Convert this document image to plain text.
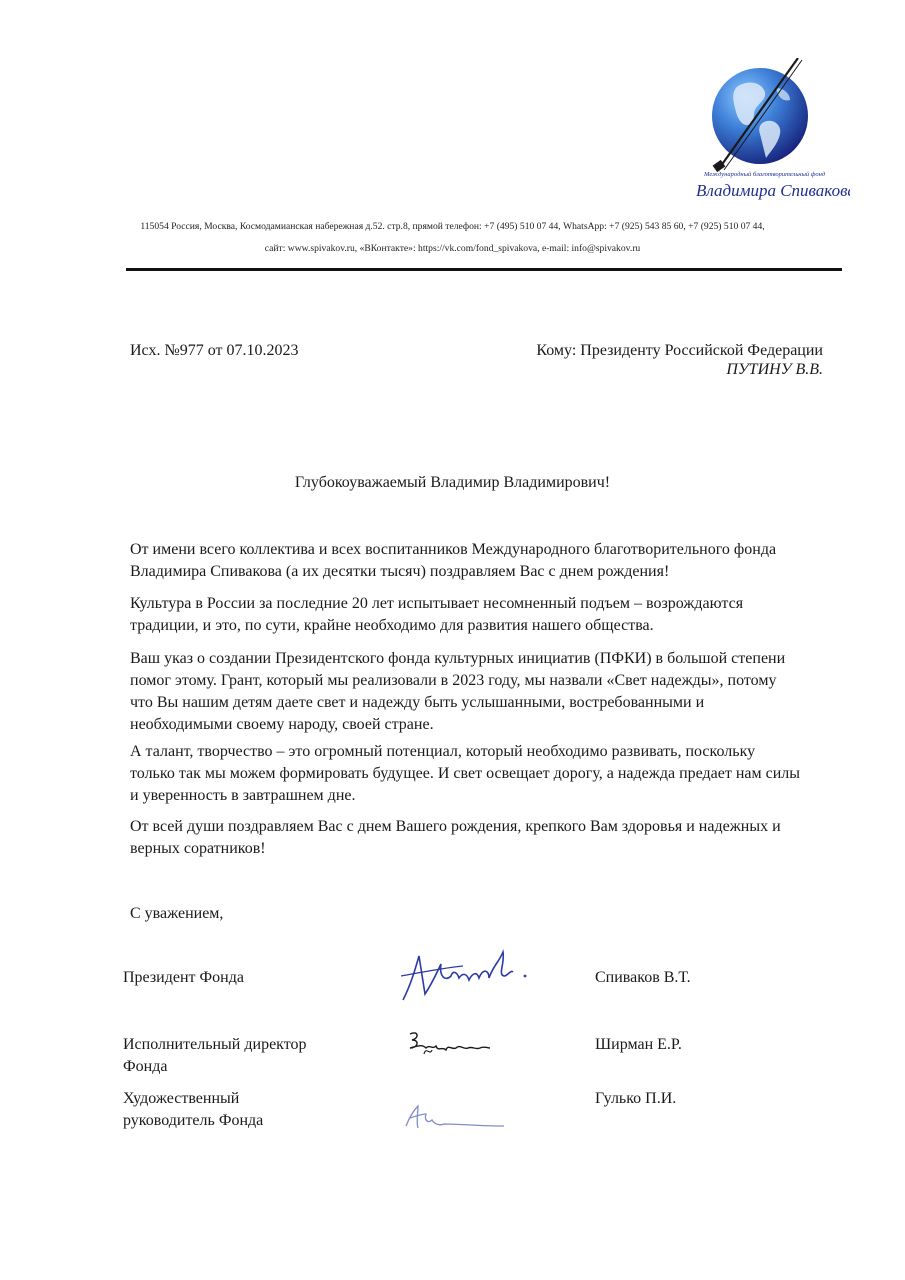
Международный благотворительный фонд
Владимира Спивакова
115054 Россия, Москва, Космодамианская набережная д.52. стр.8, прямой телефон: +7 (495) 510 07 44, WhatsApp: +7 (925) 543 85 60, +7 (925) 510 07 44,
сайт: www.spivakov.ru, «ВКонтакте»: https://vk.com/fond_spivakova, e-mail: info@spivakov.ru
Исх. №977 от 07.10.2023	Кому: Президенту Российской Федерации
ПУТИНУ В.В.
Глубокоуважаемый Владимир Владимирович!
От имени всего коллектива и всех воспитанников Международного благотворительного фонда
Владимира Спивакова (а их десятки тысяч) поздравляем Вас с днем рождения!
Культура в России за последние 20 лет испытывает несомненный подъем – возрождаются
традиции, и это, по сути, крайне необходимо для развития нашего общества.
Ваш указ о создании Президентского фонда культурных инициатив (ПФКИ) в большой степени
помог этому. Грант, который мы реализовали в 2023 году, мы назвали «Свет надежды», потому
что Вы нашим детям даете свет и надежду быть услышанными, востребованными и
необходимыми своему народу, своей стране.
А талант, творчество – это огромный потенциал, который необходимо развивать, поскольку
только так мы можем формировать будущее. И свет освещает дорогу, а надежда предает нам силы
и уверенность в завтрашнем дне.
От всей души поздравляем Вас с днем Вашего рождения, крепкого Вам здоровья и надежных и
верных соратников!
С уважением,
Президент Фонда	Спиваков В.Т.
Исполнительный директор
Фонда
Ширман Е.Р.
Художественный
руководитель Фонда
Гулько П.И.
